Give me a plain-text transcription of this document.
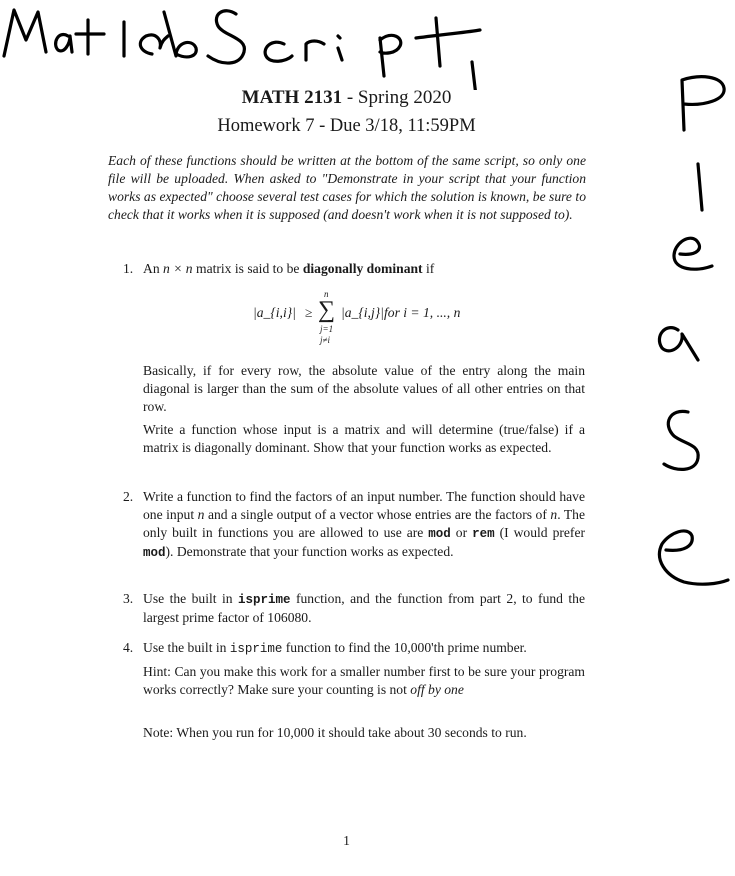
MATH 2131 - Spring 2020
Homework 7 - Due 3/18, 11:59PM
Each of these functions should be written at the bottom of the same script, so only one file will be uploaded. When asked to "Demonstrate in your script that your function works as expected" choose several test cases for which the solution is known, be sure to check that it works when it is supposed (and doesn't work when it is not supposed to).
1. An n × n matrix is said to be diagonally dominant if

|a_{i,i}| ≥
n
∑
j=1
j≠i
|a_{i,j}| for i = 1, ..., n
Basically, if for every row, the absolute value of the entry along the main diagonal is larger than the sum of the absolute values of all other entries on that row.
Write a function whose input is a matrix and will determine (true/false) if a matrix is diagonally dominant. Show that your function works as expected.
2. Write a function to find the factors of an input number. The function should have one input n and a single output of a vector whose entries are the factors of n. The only built in functions you are allowed to use are mod or rem (I would prefer mod). Demonstrate that your function works as expected.

3. Use the built in isprime function, and the function from part 2, to fund the largest prime factor of 106080.

4. Use the built in isprime function to find the 10,000'th prime number.

Hint: Can you make this work for a smaller number first to be sure your program works correctly? Make sure your counting is not off by one

Note: When you run for 10,000 it should take about 30 seconds to run.
1
